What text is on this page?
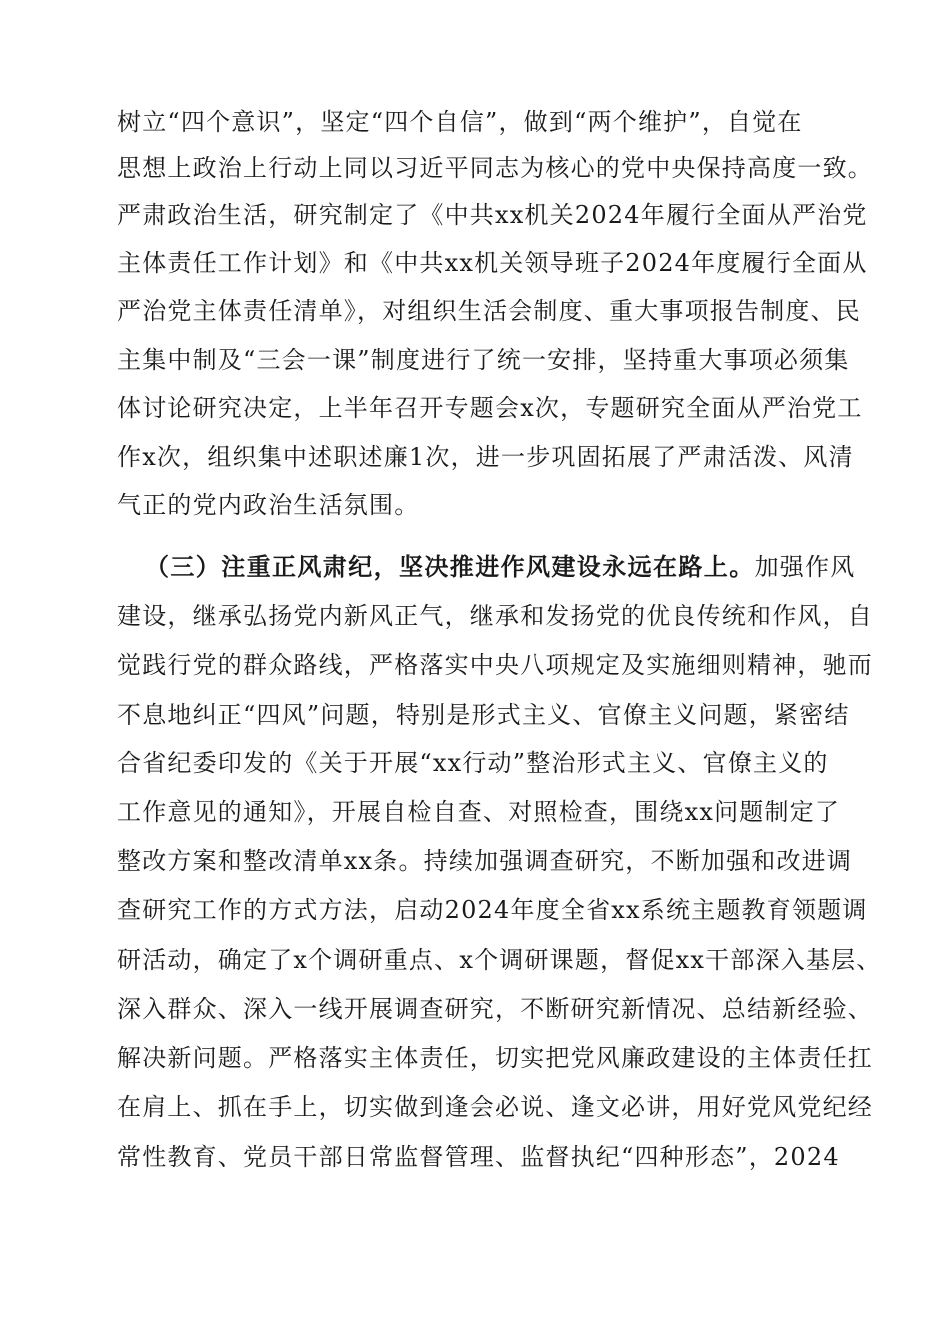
树立“四个意识”，坚定“四个自信”，做到“两个维护”，自觉在
思想上政治上行动上同以习近平同志为核心的党中央保持高度一致。
严肃政治生活，研究制定了《中共xx机关2024年履行全面从严治党
主体责任工作计划》和《中共xx机关领导班子2024年度履行全面从
严治党主体责任清单》，对组织生活会制度、重大事项报告制度、民
主集中制及“三会一课”制度进行了统一安排，坚持重大事项必须集
体讨论研究决定，上半年召开专题会x次，专题研究全面从严治党工
作x次，组织集中述职述廉1次，进一步巩固拓展了严肃活泼、风清
气正的党内政治生活氛围。
（三）注重正风肃纪，坚决推进作风建设永远在路上。加强作风
建设，继承弘扬党内新风正气，继承和发扬党的优良传统和作风，自
觉践行党的群众路线，严格落实中央八项规定及实施细则精神，驰而
不息地纠正“四风”问题，特别是形式主义、官僚主义问题，紧密结
合省纪委印发的《关于开展“xx行动”整治形式主义、官僚主义的
工作意见的通知》，开展自检自查、对照检查，围绕xx问题制定了
整改方案和整改清单xx条。持续加强调查研究，不断加强和改进调
查研究工作的方式方法，启动2024年度全省xx系统主题教育领题调
研活动，确定了x个调研重点、x个调研课题，督促xx干部深入基层、
深入群众、深入一线开展调查研究，不断研究新情况、总结新经验、
解决新问题。严格落实主体责任，切实把党风廉政建设的主体责任扛
在肩上、抓在手上，切实做到逢会必说、逢文必讲，用好党风党纪经
常性教育、党员干部日常监督管理、监督执纪“四种形态”，2024
